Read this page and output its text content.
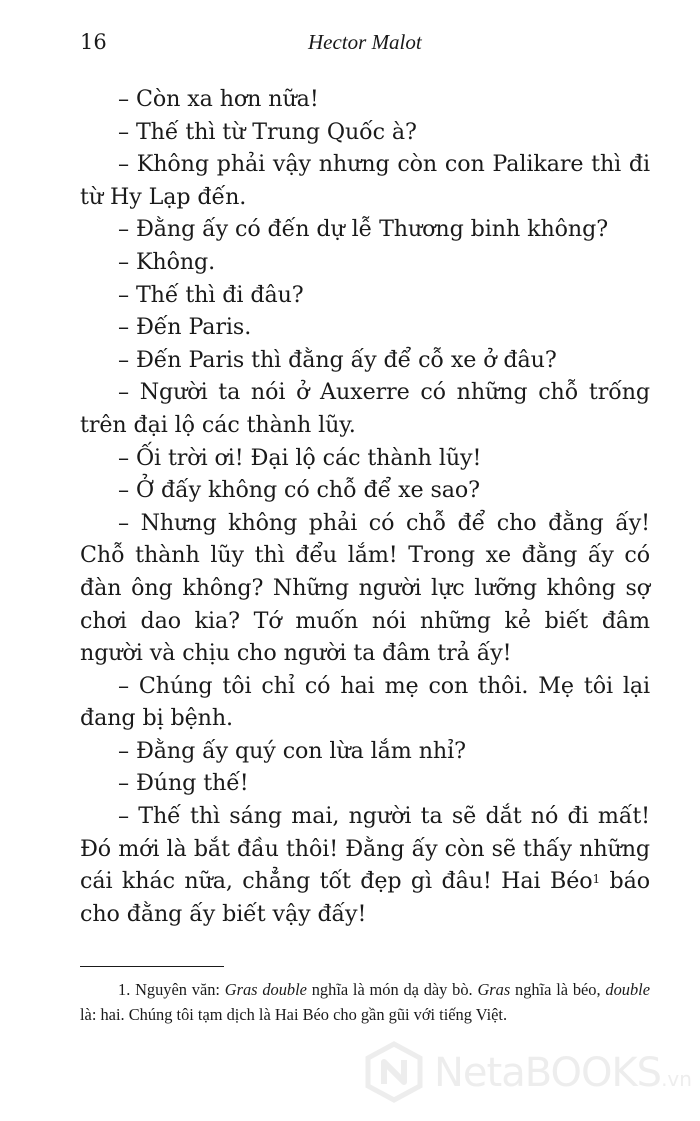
16	Hector Malot

– Còn xa hơn nữa!

– Thế thì từ Trung Quốc à?

– Không phải vậy nhưng còn con Palikare thì đi từ Hy Lạp đến.

– Đằng ấy có đến dự lễ Thương binh không?

– Không.

– Thế thì đi đâu?

– Đến Paris.

– Đến Paris thì đằng ấy để cỗ xe ở đâu?

– Người ta nói ở Auxerre có những chỗ trống trên đại lộ các thành lũy.

– Ối trời ơi! Đại lộ các thành lũy!

– Ở đấy không có chỗ để xe sao?

– Nhưng không phải có chỗ để cho đằng ấy! Chỗ thành lũy thì đểu lắm! Trong xe đằng ấy có đàn ông không? Những người lực lưỡng không sợ chơi dao kia? Tớ muốn nói những kẻ biết đâm người và chịu cho người ta đâm trả ấy!

– Chúng tôi chỉ có hai mẹ con thôi. Mẹ tôi lại đang bị bệnh.

– Đằng ấy quý con lừa lắm nhỉ?

– Đúng thế!

– Thế thì sáng mai, người ta sẽ dắt nó đi mất! Đó mới là bắt đầu thôi! Đằng ấy còn sẽ thấy những cái khác nữa, chẳng tốt đẹp gì đâu! Hai Béo$^1$ báo cho đằng ấy biết vậy đấy!

1. Nguyên văn: Gras double nghĩa là món dạ dày bò. Gras nghĩa là béo, double là: hai. Chúng tôi tạm dịch là Hai Béo cho gần gũi với tiếng Việt.

NetaBOOKS.vn
